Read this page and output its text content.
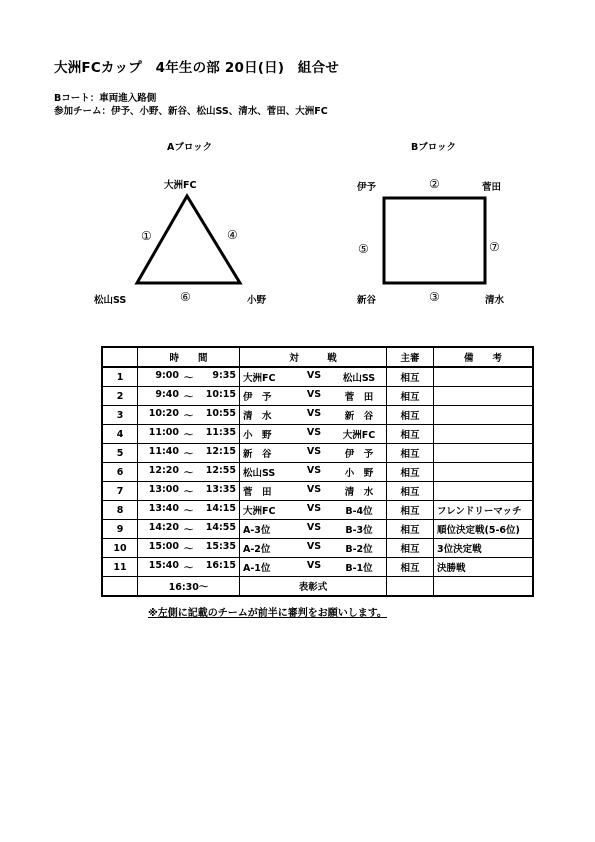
大洲FCカップ　4年生の部 20日(日)　組合せ
Bコート：車両進入路側
参加チーム：伊予、小野、新谷、松山SS、清水、菅田、大洲FC
Aブロック
大洲FC
松山SS	小野
①	④
⑥
Bブロック
伊予	菅田
新谷	清水
②
⑤	⑦
③
	時　　間	対　　　戦	主審	備　　考
1	9:00 ～ 9:35	大洲FC VS 松山SS	相互	
2	9:40 ～ 10:15	伊　予 VS 菅　田	相互	
3	10:20 ～ 10:55	清　水 VS 新　谷	相互	
4	11:00 ～ 11:35	小　野 VS 大洲FC	相互	
5	11:40 ～ 12:15	新　谷 VS 伊　予	相互	
6	12:20 ～ 12:55	松山SS VS 小　野	相互	
7	13:00 ～ 13:35	菅　田 VS 清　水	相互	
8	13:40 ～ 14:15	大洲FC VS B-4位	相互	フレンドリーマッチ
9	14:20 ～ 14:55	A-3位 VS B-3位	相互	順位決定戦(5-6位)
10	15:00 ～ 15:35	A-2位 VS B-2位	相互	3位決定戦
11	15:40 ～ 16:15	A-1位 VS B-1位	相互	決勝戦
	16:30～	表彰式		
※左側に記載のチームが前半に審判をお願いします。
